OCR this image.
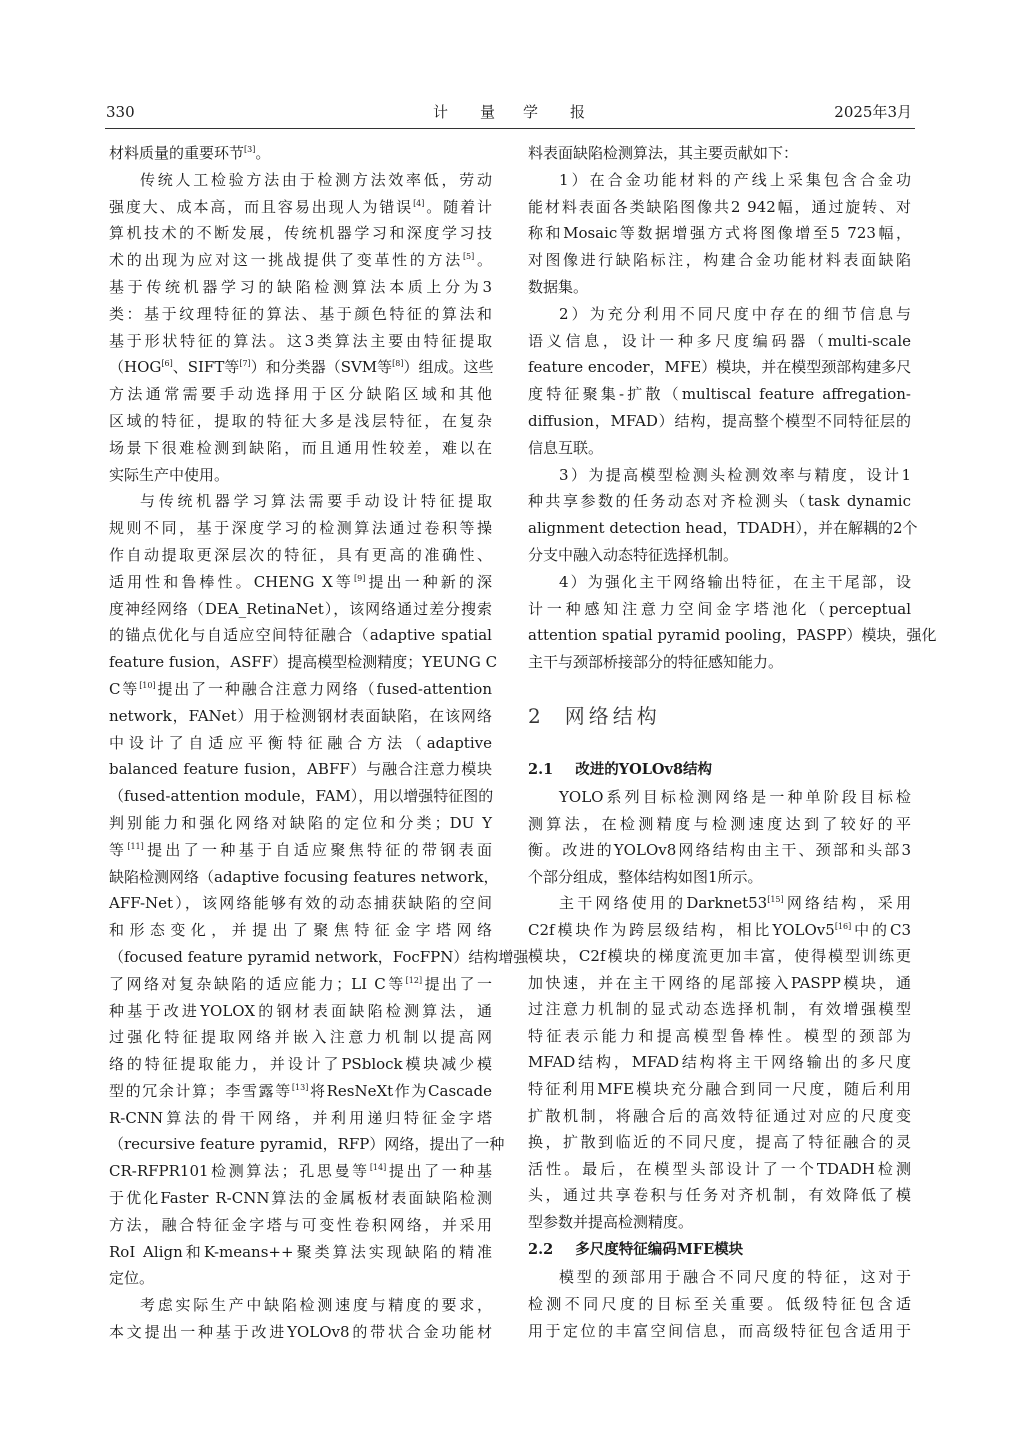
330	计 量 学 报	2025年3月
材料质量的重要环节[3]。
传统人工检验方法由于检测方法效率低，劳动
强度大、成本高，而且容易出现人为错误[4]。随着计
算机技术的不断发展，传统机器学习和深度学习技
术的出现为应对这一挑战提供了变革性的方法[5]。
基于传统机器学习的缺陷检测算法本质上分为3
类：基于纹理特征的算法、基于颜色特征的算法和
基于形状特征的算法。这3类算法主要由特征提取
（HOG[6]、SIFT等[7]）和分类器（SVM等[8]）组成。这些
方法通常需要手动选择用于区分缺陷区域和其他
区域的特征，提取的特征大多是浅层特征，在复杂
场景下很难检测到缺陷，而且通用性较差，难以在
实际生产中使用。
与传统机器学习算法需要手动设计特征提取
规则不同，基于深度学习的检测算法通过卷积等操
作自动提取更深层次的特征，具有更高的准确性、
适用性和鲁棒性。CHENG X等[9]提出一种新的深
度神经网络（DEA_RetinaNet），该网络通过差分搜索
的锚点优化与自适应空间特征融合（adaptive spatial
feature fusion，ASFF）提高模型检测精度；YEUNG C
C等[10]提出了一种融合注意力网络（fused-attention
network，FANet）用于检测钢材表面缺陷，在该网络
中设计了自适应平衡特征融合方法（adaptive
balanced feature fusion，ABFF）与融合注意力模块
（fused-attention module，FAM），用以增强特征图的
判别能力和强化网络对缺陷的定位和分类；DU Y
等[11]提出了一种基于自适应聚焦特征的带钢表面
缺陷检测网络（adaptive focusing features network，
AFF-Net），该网络能够有效的动态捕获缺陷的空间
和形态变化，并提出了聚焦特征金字塔网络
（focused feature pyramid network，FocFPN）结构增强
了网络对复杂缺陷的适应能力；LI C等[12]提出了一
种基于改进YOLOX的钢材表面缺陷检测算法，通
过强化特征提取网络并嵌入注意力机制以提高网
络的特征提取能力，并设计了PSblock模块减少模
型的冗余计算；李雪露等[13]将ResNeXt作为Cascade
R-CNN算法的骨干网络，并利用递归特征金字塔
（recursive feature pyramid，RFP）网络，提出了一种
CR-RFPR101检测算法；孔思曼等[14]提出了一种基
于优化Faster R-CNN算法的金属板材表面缺陷检测
方法，融合特征金字塔与可变性卷积网络，并采用
RoI Align和K-means++聚类算法实现缺陷的精准
定位。
考虑实际生产中缺陷检测速度与精度的要求，
本文提出一种基于改进YOLOv8的带状合金功能材
料表面缺陷检测算法，其主要贡献如下：
1）在合金功能材料的产线上采集包含合金功
能材料表面各类缺陷图像共2 942幅，通过旋转、对
称和Mosaic等数据增强方式将图像增至5 723幅，
对图像进行缺陷标注，构建合金功能材料表面缺陷
数据集。
2）为充分利用不同尺度中存在的细节信息与
语义信息，设计一种多尺度编码器（multi-scale
feature encoder，MFE）模块，并在模型颈部构建多尺
度特征聚集-扩散（multiscal feature affregation-
diffusion，MFAD）结构，提高整个模型不同特征层的
信息互联。
3）为提高模型检测头检测效率与精度，设计1
种共享参数的任务动态对齐检测头（task dynamic
alignment detection head，TDADH），并在解耦的2个
分支中融入动态特征选择机制。
4）为强化主干网络输出特征，在主干尾部，设
计一种感知注意力空间金字塔池化（perceptual
attention spatial pyramid pooling，PASPP）模块，强化
主干与颈部桥接部分的特征感知能力。
2 网络结构
2.1 改进的YOLOv8结构
YOLO系列目标检测网络是一种单阶段目标检
测算法，在检测精度与检测速度达到了较好的平
衡。改进的YOLOv8网络结构由主干、颈部和头部3
个部分组成，整体结构如图1所示。
主干网络使用的Darknet53[15]网络结构，采用
C2f模块作为跨层级结构，相比YOLOv5[16]中的C3
模块，C2f模块的梯度流更加丰富，使得模型训练更
加快速，并在主干网络的尾部接入PASPP模块，通
过注意力机制的显式动态选择机制，有效增强模型
特征表示能力和提高模型鲁棒性。模型的颈部为
MFAD结构，MFAD结构将主干网络输出的多尺度
特征利用MFE模块充分融合到同一尺度，随后利用
扩散机制，将融合后的高效特征通过对应的尺度变
换，扩散到临近的不同尺度，提高了特征融合的灵
活性。最后，在模型头部设计了一个TDADH检测
头，通过共享卷积与任务对齐机制，有效降低了模
型参数并提高检测精度。
2.2 多尺度特征编码MFE模块
模型的颈部用于融合不同尺度的特征，这对于
检测不同尺度的目标至关重要。低级特征包含适
用于定位的丰富空间信息，而高级特征包含适用于
